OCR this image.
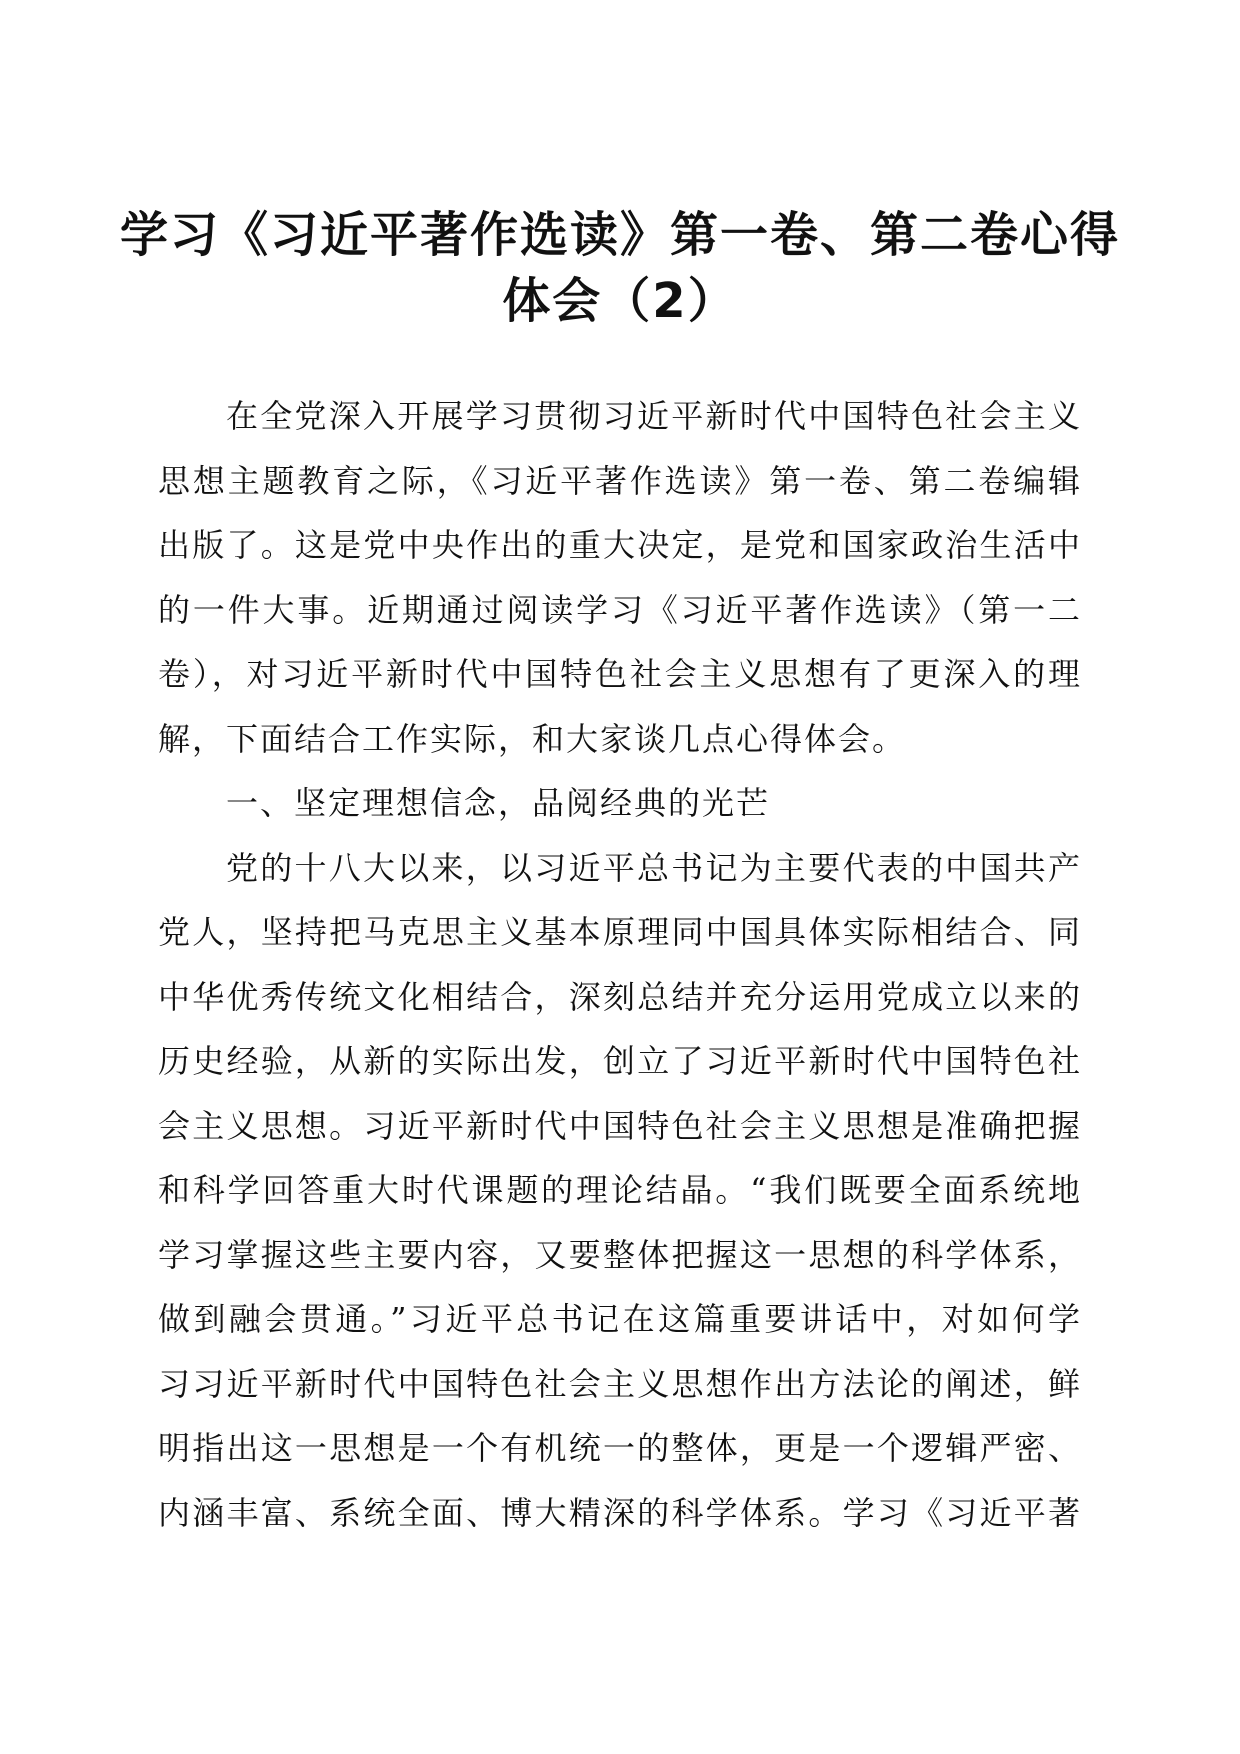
学习《习近平著作选读》第一卷、第二卷心得
体会（2）
在全党深入开展学习贯彻习近平新时代中国特色社会主义
思想主题教育之际，《习近平著作选读》第一卷、第二卷编辑
出版了。这是党中央作出的重大决定，是党和国家政治生活中
的一件大事。近期通过阅读学习《习近平著作选读》（第一二
卷），对习近平新时代中国特色社会主义思想有了更深入的理
解，下面结合工作实际，和大家谈几点心得体会。
一、坚定理想信念，品阅经典的光芒
党的十八大以来，以习近平总书记为主要代表的中国共产
党人，坚持把马克思主义基本原理同中国具体实际相结合、同
中华优秀传统文化相结合，深刻总结并充分运用党成立以来的
历史经验，从新的实际出发，创立了习近平新时代中国特色社
会主义思想。习近平新时代中国特色社会主义思想是准确把握
和科学回答重大时代课题的理论结晶。“我们既要全面系统地
学习掌握这些主要内容，又要整体把握这一思想的科学体系，
做到融会贯通。”习近平总书记在这篇重要讲话中，对如何学
习习近平新时代中国特色社会主义思想作出方法论的阐述，鲜
明指出这一思想是一个有机统一的整体，更是一个逻辑严密、
内涵丰富、系统全面、博大精深的科学体系。学习《习近平著
